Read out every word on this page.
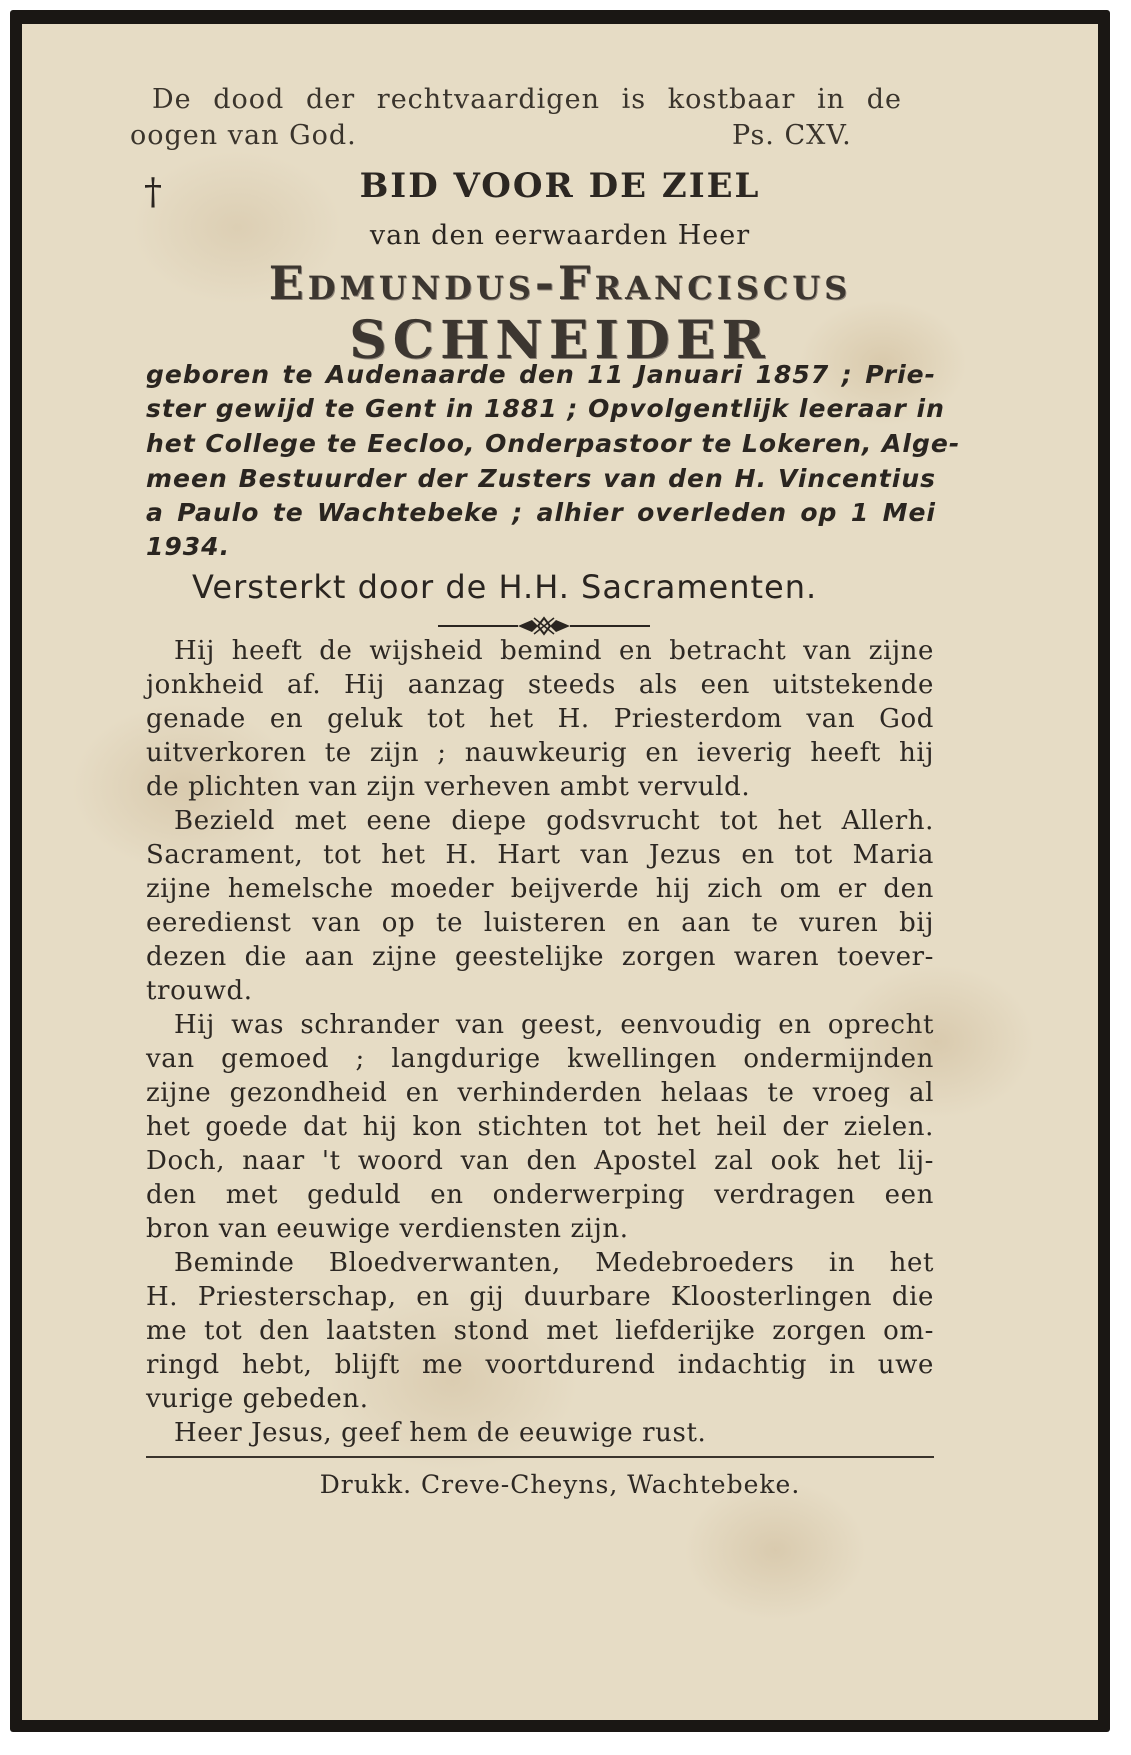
De dood der rechtvaardigen is kostbaar in de
oogen van God.	Ps. CXV.
†	BID VOOR DE ZIEL
van den eerwaarden Heer
Edmundus-Franciscus
SCHNEIDER
geboren te Audenaarde den 11 Januari 1857 ; Prie-
ster gewijd te Gent in 1881 ; Opvolgentlijk leeraar in
het College te Eecloo, Onderpastoor te Lokeren, Alge-
meen Bestuurder der Zusters van den H. Vincentius
a Paulo te Wachtebeke ; alhier overleden op 1 Mei
1934.
Versterkt door de H.H. Sacramenten.
Hij heeft de wijsheid bemind en betracht van zijne
jonkheid af. Hij aanzag steeds als een uitstekende
genade en geluk tot het H. Priesterdom van God
uitverkoren te zijn ; nauwkeurig en ieverig heeft hij
de plichten van zijn verheven ambt vervuld.
Bezield met eene diepe godsvrucht tot het Allerh.
Sacrament, tot het H. Hart van Jezus en tot Maria
zijne hemelsche moeder beijverde hij zich om er den
eeredienst van op te luisteren en aan te vuren bij
dezen die aan zijne geestelijke zorgen waren toever-
trouwd.
Hij was schrander van geest, eenvoudig en oprecht
van gemoed ; langdurige kwellingen ondermijnden
zijne gezondheid en verhinderden helaas te vroeg al
het goede dat hij kon stichten tot het heil der zielen.
Doch, naar 't woord van den Apostel zal ook het lij-
den met geduld en onderwerping verdragen een
bron van eeuwige verdiensten zijn.
Beminde Bloedverwanten, Medebroeders in het
H. Priesterschap, en gij duurbare Kloosterlingen die
me tot den laatsten stond met liefderijke zorgen om-
ringd hebt, blijft me voortdurend indachtig in uwe
vurige gebeden.
Heer Jesus, geef hem de eeuwige rust.
Drukk. Creve-Cheyns, Wachtebeke.
